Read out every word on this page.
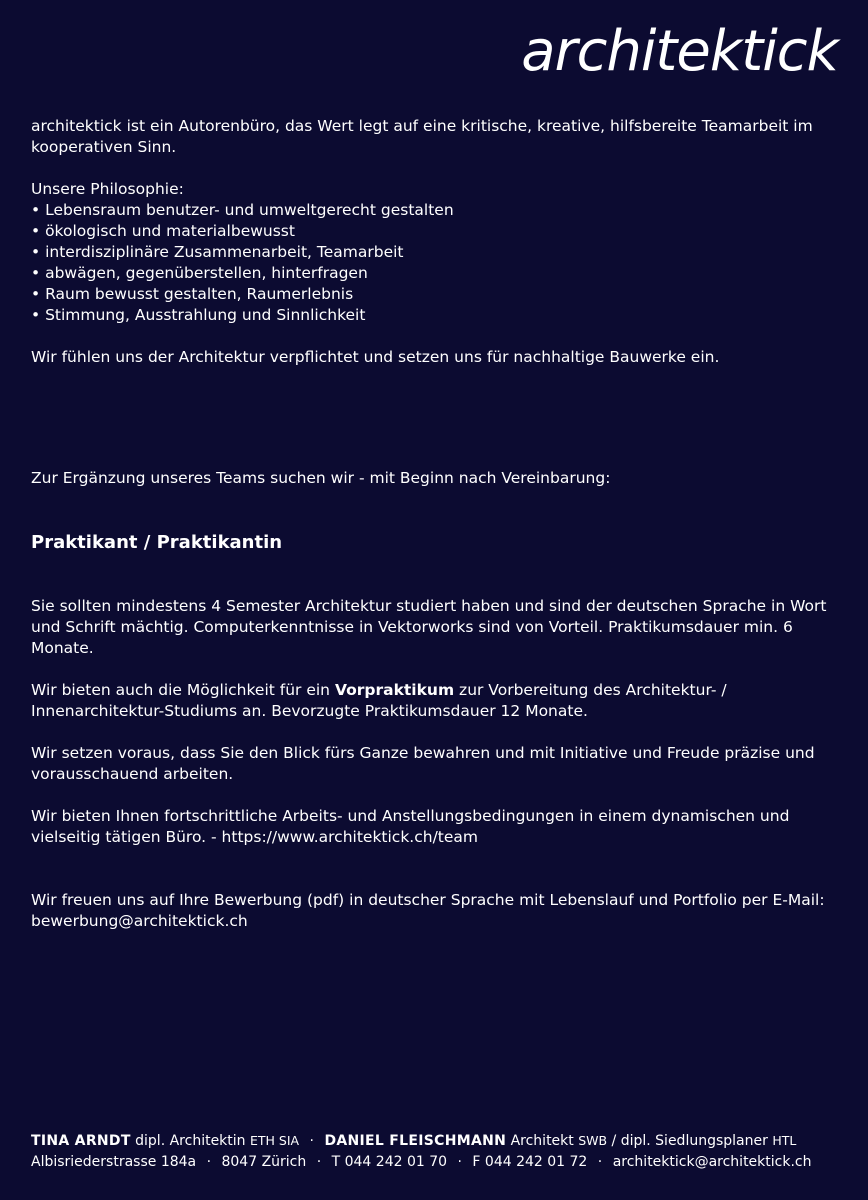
architektick

architektick ist ein Autorenbüro, das Wert legt auf eine kritische, kreative, hilfsbereite Teamarbeit im kooperativen Sinn.

Unsere Philosophie:

• Lebensraum benutzer- und umweltgerecht gestalten
• ökologisch und materialbewusst
• interdisziplinäre Zusammenarbeit, Teamarbeit
• abwägen, gegenüberstellen, hinterfragen
• Raum bewusst gestalten, Raumerlebnis
• Stimmung, Ausstrahlung und Sinnlichkeit

Wir fühlen uns der Architektur verpflichtet und setzen uns für nachhaltige Bauwerke ein.

Zur Ergänzung unseres Teams suchen wir - mit Beginn nach Vereinbarung:

Praktikant / Praktikantin

Sie sollten mindestens 4 Semester Architektur studiert haben und sind der deutschen Sprache in Wort und Schrift mächtig. Computerkenntnisse in Vektorworks sind von Vorteil. Praktikumsdauer min. 6 Monate.

Wir bieten auch die Möglichkeit für ein Vorpraktikum zur Vorbereitung des Architektur- / Innenarchitektur-Studiums an. Bevorzugte Praktikumsdauer 12 Monate.

Wir setzen voraus, dass Sie den Blick fürs Ganze bewahren und mit Initiative und Freude präzise und vorausschauend arbeiten.

Wir bieten Ihnen fortschrittliche Arbeits- und Anstellungsbedingungen in einem dynamischen und vielseitig tätigen Büro. - https://www.architektick.ch/team

Wir freuen uns auf Ihre Bewerbung (pdf) in deutscher Sprache mit Lebenslauf und Portfolio per E-Mail:

bewerbung@architektick.ch

TINA ARNDT dipl. Architektin ETH SIA · DANIEL FLEISCHMANN Architekt SWB / dipl. Siedlungsplaner HTL
Albisriederstrasse 184a · 8047 Zürich · T 044 242 01 70 · F 044 242 01 72 · architektick@architektick.ch
